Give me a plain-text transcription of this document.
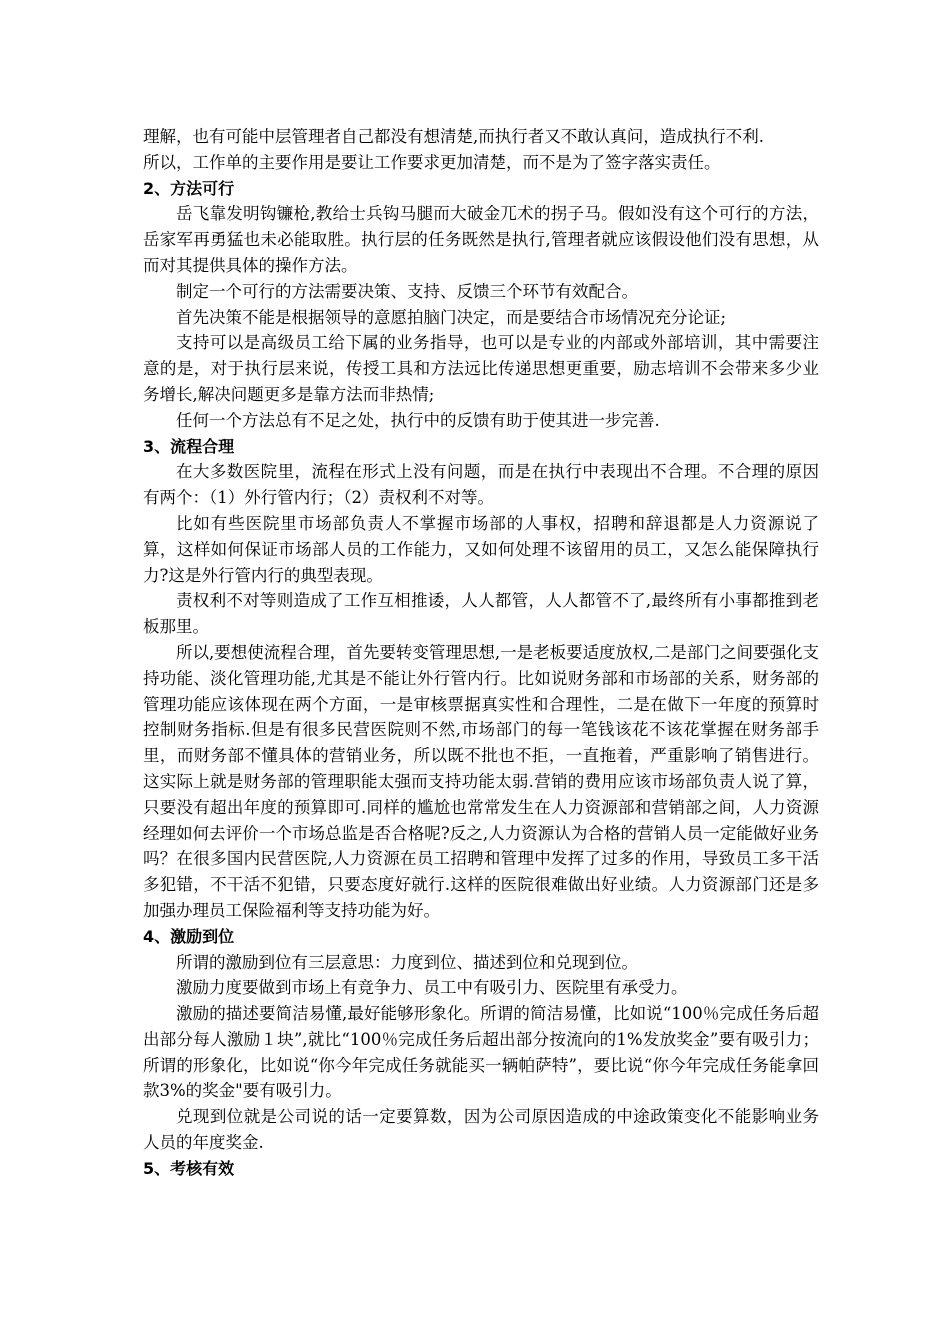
理解，也有可能中层管理者自己都没有想清楚,而执行者又不敢认真问，造成执行不利.

所以，工作单的主要作用是要让工作要求更加清楚，而不是为了签字落实责任。

2、方法可行

岳飞靠发明钩镰枪,教给士兵钩马腿而大破金兀术的拐子马。假如没有这个可行的方法，岳家军再勇猛也未必能取胜。执行层的任务既然是执行,管理者就应该假设他们没有思想，从而对其提供具体的操作方法。

制定一个可行的方法需要决策、支持、反馈三个环节有效配合。

首先决策不能是根据领导的意愿拍脑门决定，而是要结合市场情况充分论证;

支持可以是高级员工给下属的业务指导，也可以是专业的内部或外部培训，其中需要注意的是，对于执行层来说，传授工具和方法远比传递思想更重要，励志培训不会带来多少业务增长,解决问题更多是靠方法而非热情;

任何一个方法总有不足之处，执行中的反馈有助于使其进一步完善.

3、流程合理

在大多数医院里，流程在形式上没有问题，而是在执行中表现出不合理。不合理的原因有两个：（1）外行管内行；（2）责权利不对等。

比如有些医院里市场部负责人不掌握市场部的人事权，招聘和辞退都是人力资源说了算，这样如何保证市场部人员的工作能力，又如何处理不该留用的员工，又怎么能保障执行力?这是外行管内行的典型表现。

责权利不对等则造成了工作互相推诿，人人都管，人人都管不了,最终所有小事都推到老板那里。

所以,要想使流程合理，首先要转变管理思想,一是老板要适度放权,二是部门之间要强化支持功能、淡化管理功能,尤其是不能让外行管内行。比如说财务部和市场部的关系，财务部的管理功能应该体现在两个方面，一是审核票据真实性和合理性，二是在做下一年度的预算时控制财务指标.但是有很多民营医院则不然,市场部门的每一笔钱该花不该花掌握在财务部手里，而财务部不懂具体的营销业务，所以既不批也不拒，一直拖着，严重影响了销售进行。这实际上就是财务部的管理职能太强而支持功能太弱.营销的费用应该市场部负责人说了算，只要没有超出年度的预算即可.同样的尴尬也常常发生在人力资源部和营销部之间，人力资源经理如何去评价一个市场总监是否合格呢?反之,人力资源认为合格的营销人员一定能做好业务吗？在很多国内民营医院,人力资源在员工招聘和管理中发挥了过多的作用，导致员工多干活多犯错，不干活不犯错，只要态度好就行.这样的医院很难做出好业绩。人力资源部门还是多加强办理员工保险福利等支持功能为好。

4、激励到位

所谓的激励到位有三层意思：力度到位、描述到位和兑现到位。

激励力度要做到市场上有竞争力、员工中有吸引力、医院里有承受力。

激励的描述要简洁易懂,最好能够形象化。所谓的简洁易懂，比如说“100％完成任务后超出部分每人激励１块”,就比“100％完成任务后超出部分按流向的1%发放奖金”要有吸引力；所谓的形象化，比如说“你今年完成任务就能买一辆帕萨特”，要比说“你今年完成任务能拿回款3%的奖金"要有吸引力。

兑现到位就是公司说的话一定要算数，因为公司原因造成的中途政策变化不能影响业务人员的年度奖金.

5、考核有效
